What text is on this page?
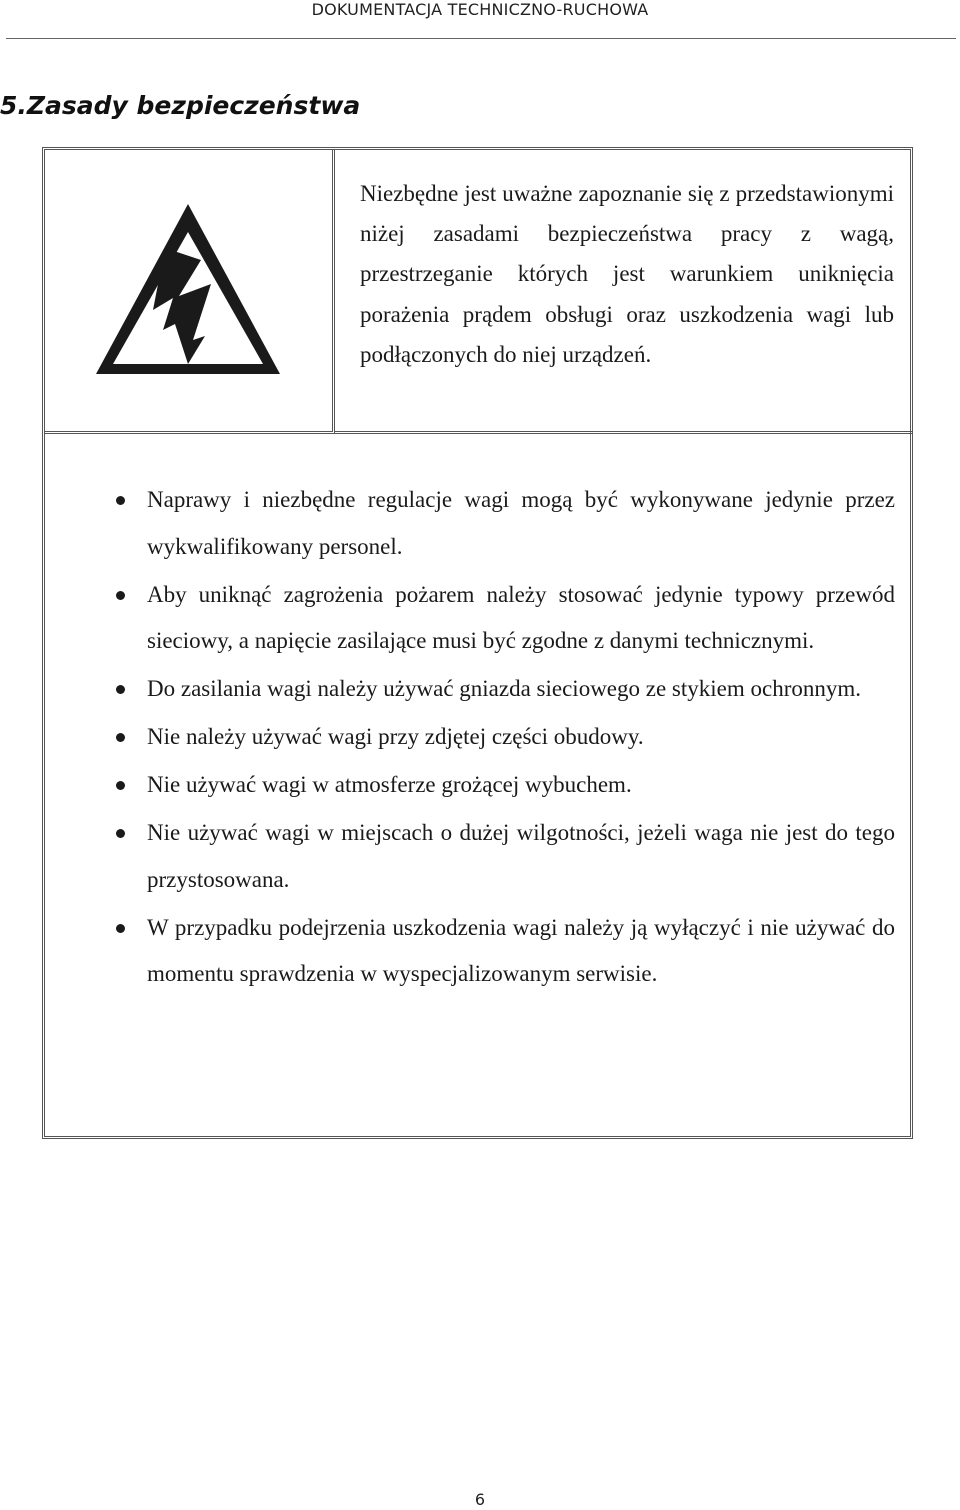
DOKUMENTACJA TECHNICZNO-RUCHOWA
5.Zasady bezpieczeństwa

Niezbędne jest uważne zapoznanie się z przedstawionymi niżej zasadami bezpieczeństwa pracy z wagą, przestrzeganie których jest warunkiem uniknięcia porażenia prądem obsługi oraz uszkodzenia wagi lub podłączonych do niej urządzeń.

Naprawy i niezbędne regulacje wagi mogą być wykonywane jedynie przez wykwalifikowany personel.
Aby uniknąć zagrożenia pożarem należy stosować jedynie typowy przewód sieciowy, a napięcie zasilające musi być zgodne z danymi technicznymi.
Do zasilania wagi należy używać gniazda sieciowego ze stykiem ochronnym.
Nie należy używać wagi przy zdjętej części obudowy.
Nie używać wagi w atmosferze grożącej wybuchem.
Nie używać wagi w miejscach o dużej wilgotności, jeżeli waga nie jest do tego przystosowana.
W przypadku podejrzenia uszkodzenia wagi należy ją wyłączyć i nie używać do momentu sprawdzenia w wyspecjalizowanym serwisie.
6
